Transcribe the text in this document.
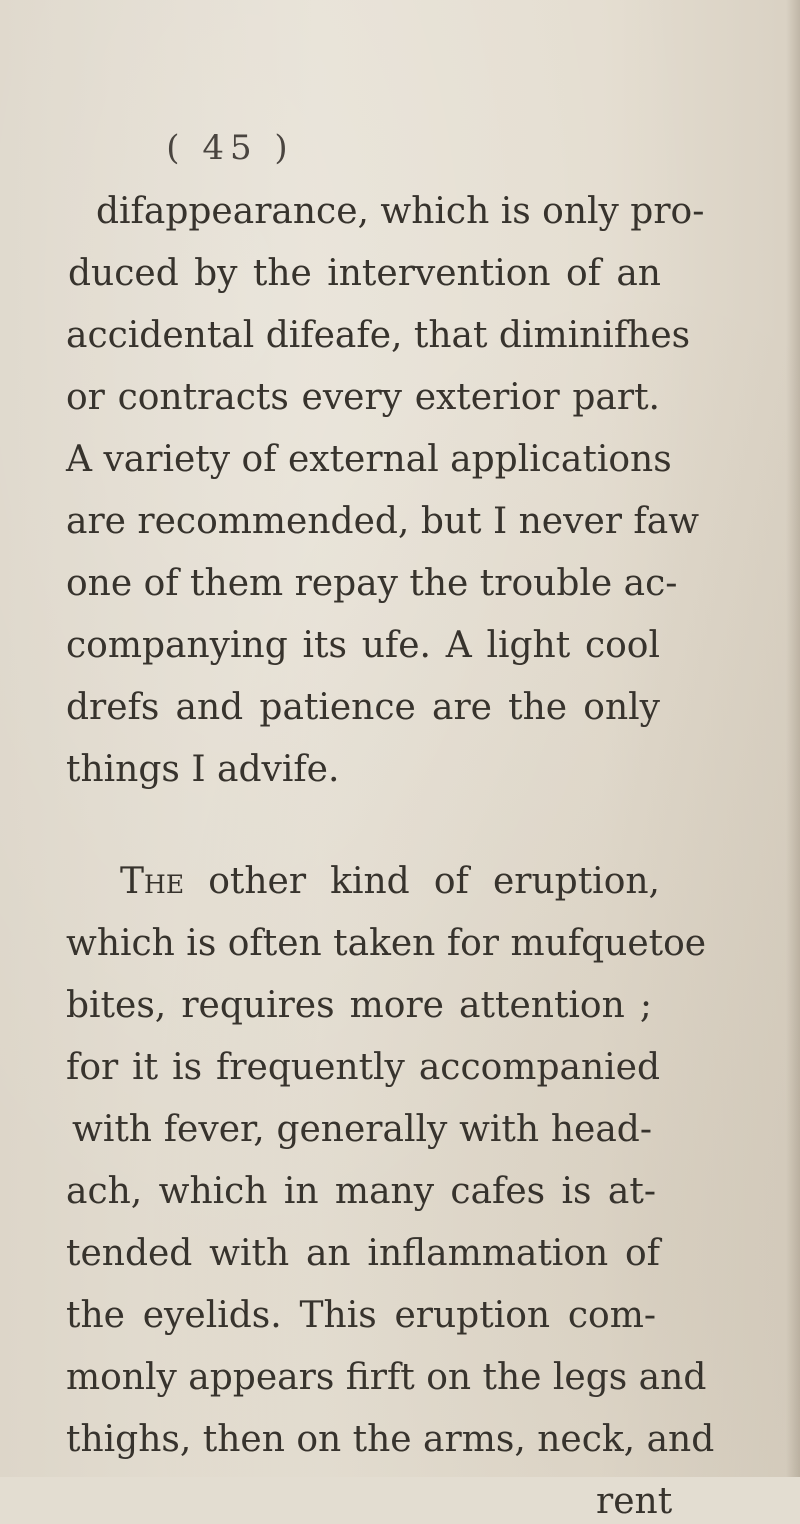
( 45 )
difappearance, which is only pro-
duced by the intervention of an
accidental difeafe, that diminifhes
or contracts every exterior part.
A variety of external applications
are recommended, but I never faw
one of them repay the trouble ac-
companying its ufe. A light cool
drefs and patience are the only
things I advife.
The other kind of eruption,
which is often taken for mufquetoe
bites, requires more attention ;
for it is frequently accompanied
with fever, generally with head-
ach, which in many cafes is at-
tended with an inflammation of
the eyelids. This eruption com-
monly appears firft on the legs and
thighs, then on the arms, neck, and
rent
